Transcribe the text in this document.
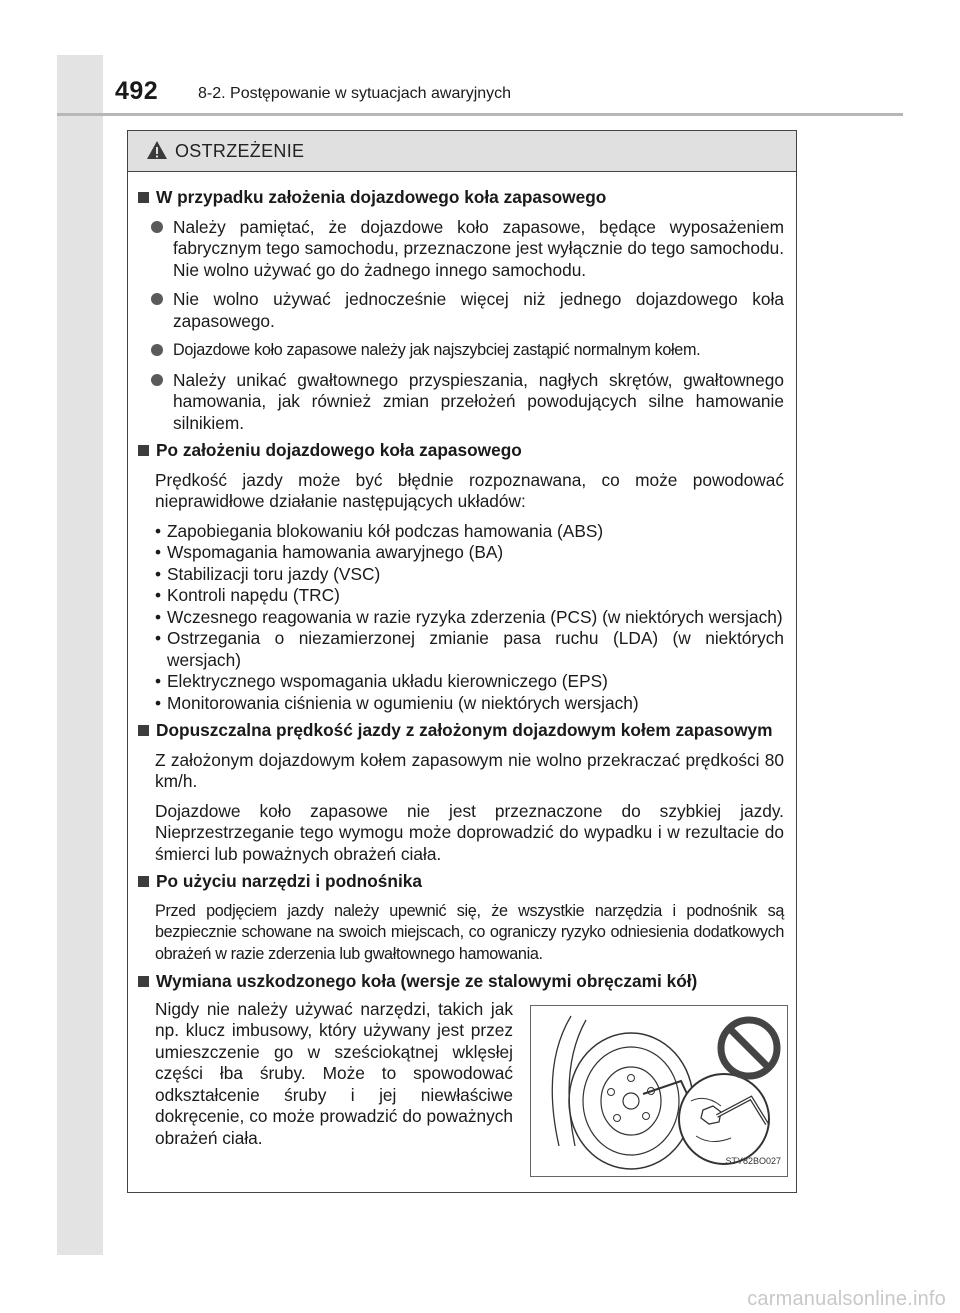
492 8-2. Postępowanie w sytuacjach awaryjnych
OSTRZEŻENIE
W przypadku założenia dojazdowego koła zapasowego
Należy pamiętać, że dojazdowe koło zapasowe, będące wyposażeniem fabrycznym tego samochodu, przeznaczone jest wyłącznie do tego samochodu. Nie wolno używać go do żadnego innego samochodu.
Nie wolno używać jednocześnie więcej niż jednego dojazdowego koła zapasowego.
Dojazdowe koło zapasowe należy jak najszybciej zastąpić normalnym kołem.
Należy unikać gwałtownego przyspieszania, nagłych skrętów, gwałtownego hamowania, jak również zmian przełożeń powodujących silne hamowanie silnikiem.
Po założeniu dojazdowego koła zapasowego
Prędkość jazdy może być błędnie rozpoznawana, co może powodować nieprawidłowe działanie następujących układów:
• Zapobiegania blokowaniu kół podczas hamowania (ABS)
• Wspomagania hamowania awaryjnego (BA)
• Stabilizacji toru jazdy (VSC)
• Kontroli napędu (TRC)
• Wczesnego reagowania w razie ryzyka zderzenia (PCS) (w niektórych wersjach)
• Ostrzegania o niezamierzonej zmianie pasa ruchu (LDA) (w niektórych wersjach)
• Elektrycznego wspomagania układu kierowniczego (EPS)
• Monitorowania ciśnienia w ogumieniu (w niektórych wersjach)
Dopuszczalna prędkość jazdy z założonym dojazdowym kołem zapasowym
Z założonym dojazdowym kołem zapasowym nie wolno przekraczać prędkości 80 km/h.
Dojazdowe koło zapasowe nie jest przeznaczone do szybkiej jazdy. Nieprzestrzeganie tego wymogu może doprowadzić do wypadku i w rezultacie do śmierci lub poważnych obrażeń ciała.
Po użyciu narzędzi i podnośnika
Przed podjęciem jazdy należy upewnić się, że wszystkie narzędzia i podnośnik są bezpiecznie schowane na swoich miejscach, co ograniczy ryzyko odniesienia dodatkowych obrażeń w razie zderzenia lub gwałtownego hamowania.
Wymiana uszkodzonego koła (wersje ze stalowymi obręczami kół)
Nigdy nie należy używać narzędzi, takich jak np. klucz imbusowy, który używany jest przez umieszczenie go w sześciokątnej wklęsłej części łba śruby. Może to spowodować odkształcenie śruby i jej niewłaściwe dokręcenie, co może prowadzić do poważnych obrażeń ciała.
STY82BO027
carmanualsonline.info
